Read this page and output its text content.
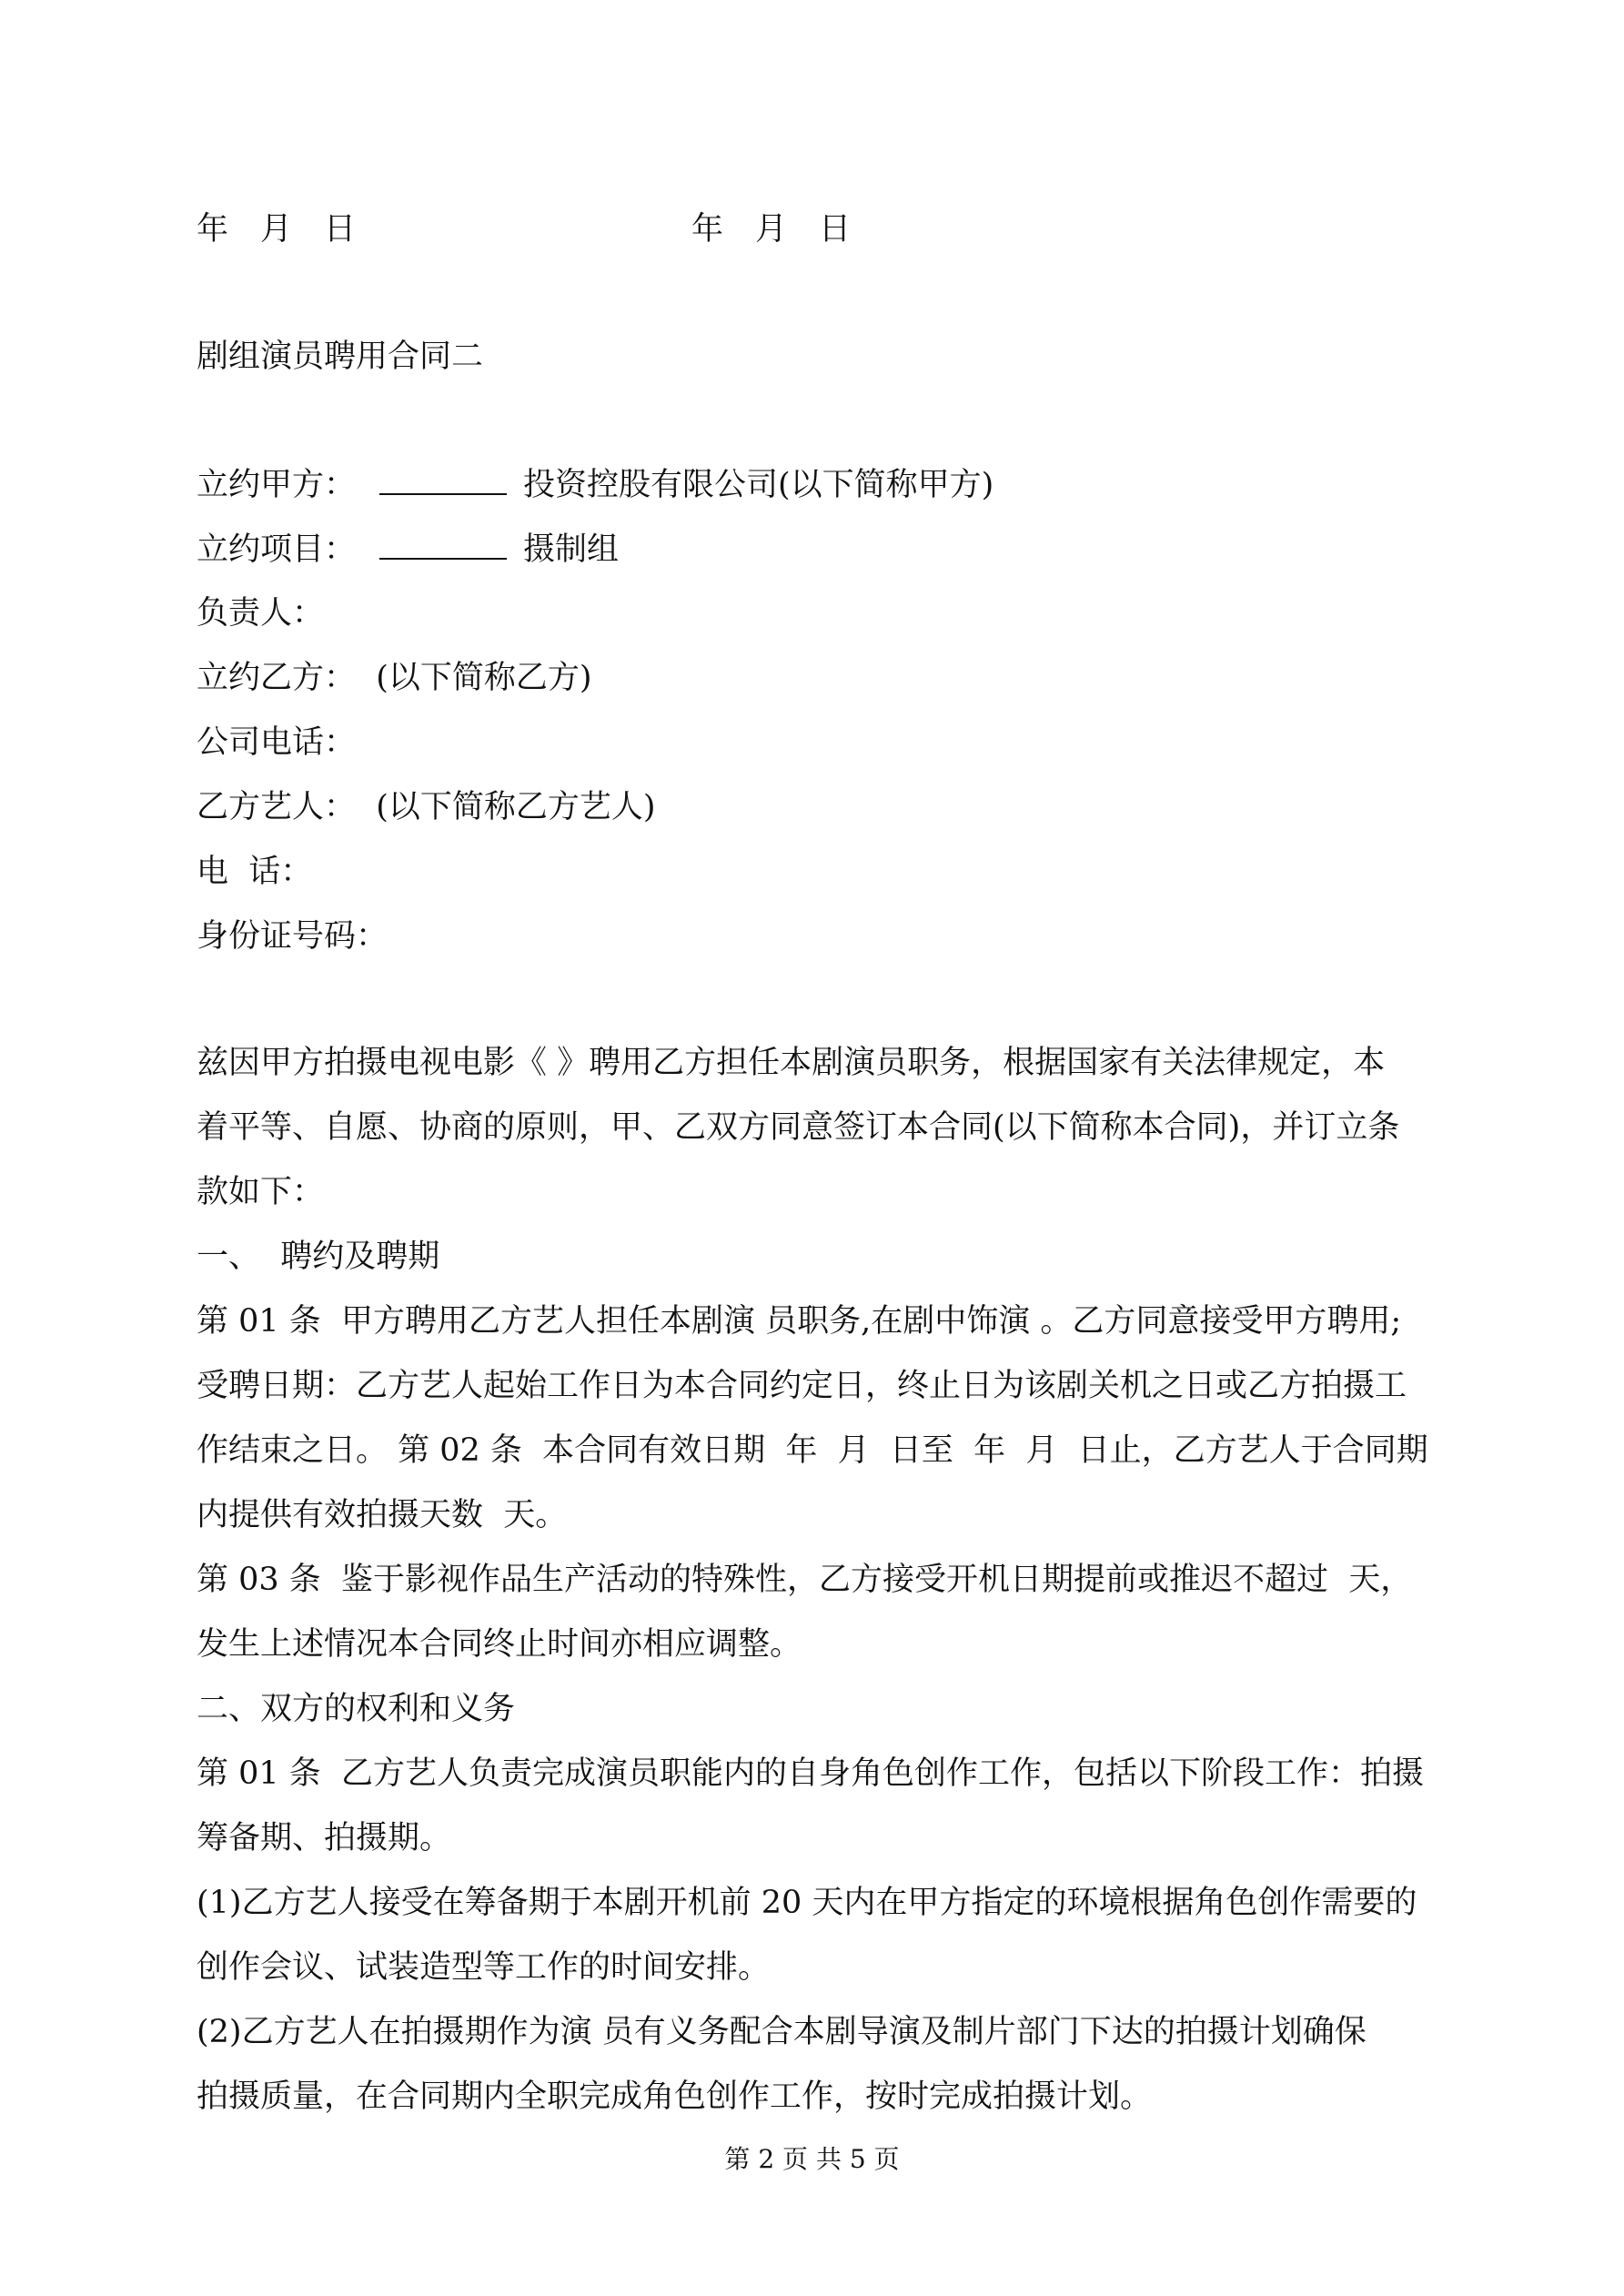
年　月　日	年　月　日
剧组演员聘用合同二
立约甲方：	投资控股有限公司(以下简称甲方)
立约项目：	摄制组
负责人：
立约乙方：  (以下简称乙方)
公司电话：
乙方艺人：  (以下简称乙方艺人)
电  话：
身份证号码：
兹因甲方拍摄电视电影《 》聘用乙方担任本剧演员职务，根据国家有关法律规定，本
着平等、自愿、协商的原则，甲、乙双方同意签订本合同(以下简称本合同)，并订立条
款如下：
一、  聘约及聘期
第 01 条  甲方聘用乙方艺人担任本剧演 员职务,在剧中饰演 。乙方同意接受甲方聘用;
受聘日期：乙方艺人起始工作日为本合同约定日，终止日为该剧关机之日或乙方拍摄工
作结束之日。 第 02 条  本合同有效日期  年  月  日至  年  月  日止，乙方艺人于合同期
内提供有效拍摄天数  天。
第 03 条  鉴于影视作品生产活动的特殊性，乙方接受开机日期提前或推迟不超过  天，
发生上述情况本合同终止时间亦相应调整。
二、双方的权利和义务
第 01 条  乙方艺人负责完成演员职能内的自身角色创作工作，包括以下阶段工作：拍摄
筹备期、拍摄期。
(1)乙方艺人接受在筹备期于本剧开机前 20 天内在甲方指定的环境根据角色创作需要的
创作会议、试装造型等工作的时间安排。
(2)乙方艺人在拍摄期作为演 员有义务配合本剧导演及制片部门下达的拍摄计划确保
拍摄质量，在合同期内全职完成角色创作工作，按时完成拍摄计划。
第 2 页 共 5 页
